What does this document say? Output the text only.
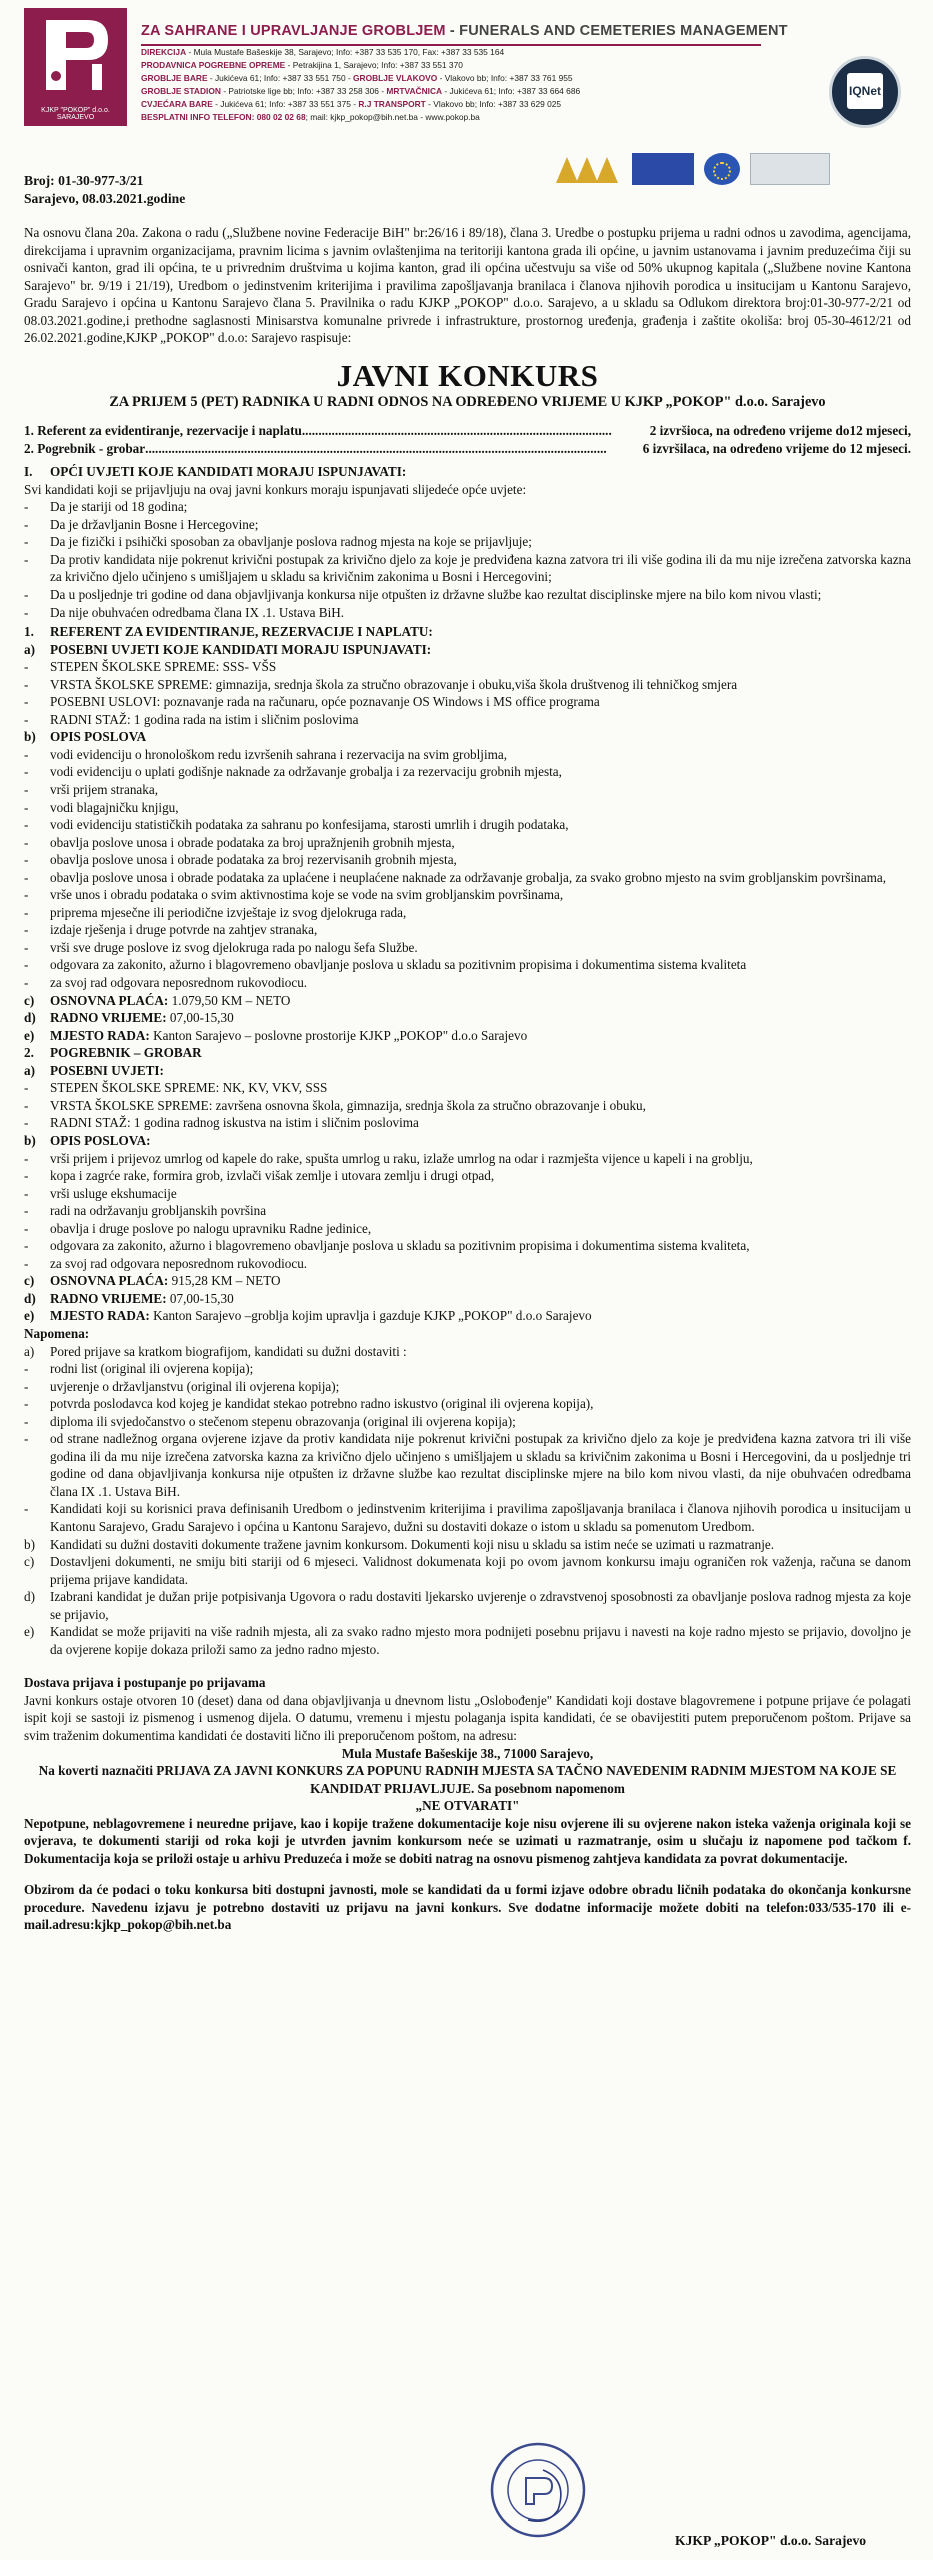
KJKP "POKOP" d.o.o. SARAJEVO
ZA SAHRANE I UPRAVLJANJE GROBLJEM - FUNERALS AND CEMETERIES MANAGEMENT
DIREKCIJA - Mula Mustafe Bašeskije 38, Sarajevo; Info: +387 33 535 170, Fax: +387 33 535 164
PRODAVNICA POGREBNE OPREME - Petrakijina 1, Sarajevo; Info: +387 33 551 370
GROBLJE BARE - Jukićeva 61; Info: +387 33 551 750 - GROBLJE VLAKOVO - Vlakovo bb; Info: +387 33 761 955
GROBLJE STADION - Patriotske lige bb; Info: +387 33 258 306 - MRTVAČNICA - Jukićeva 61; Info: +387 33 664 686
CVJEĆARA BARE - Jukićeva 61; Info: +387 33 551 375 - R.J TRANSPORT - Vlakovo bb; Info: +387 33 629 025
BESPLATNI INFO TELEFON: 080 02 02 68; mail: kjkp_pokop@bih.net.ba - www.pokop.ba
IQNet
Broj: 01-30-977-3/21
Sarajevo, 08.03.2021.godine

Na osnovu člana 20a. Zakona o radu („Službene novine Federacije BiH" br:26/16 i 89/18), člana 3. Uredbe o postupku prijema u radni odnos u zavodima, agencijama, direkcijama i upravnim organizacijama, pravnim licima s javnim ovlaštenjima na teritoriji kantona grada ili općine, u javnim ustanovama i javnim preduzećima čiji su osnivači kanton, grad ili općina, te u privrednim društvima u kojima kanton, grad ili općina učestvuju sa više od 50% ukupnog kapitala („Službene novine Kantona Sarajevo" br. 9/19 i 21/19), Uredbom o jedinstvenim kriterijima i pravilima zapošljavanja branilaca i članova njihovih porodica u insitucijam u Kantonu Sarajevo, Gradu Sarajevo i općina u Kantonu Sarajevo člana 5. Pravilnika o radu KJKP „POKOP" d.o.o. Sarajevo, a u skladu sa Odlukom direktora broj:01-30-977-2/21 od 08.03.2021.godine,i prethodne saglasnosti Minisarstva komunalne privrede i infrastrukture, prostornog uređenja, građenja i zaštite okoliša: broj 05-30-4612/21 od 26.02.2021.godine,KJKP „POKOP" d.o.o: Sarajevo raspisuje:

JAVNI KONKURS
ZA PRIJEM 5 (PET) RADNIKA U RADNI ODNOS NA ODREĐENO VRIJEME U KJKP „POKOP" d.o.o. Sarajevo
1. Referent za evidentiranje, rezervacije i naplatu ..............................................................................................	2 izvršioca, na određeno vrijeme do12 mjeseci,
2. Pogrebnik - grobar ............................................................................................................................................	6 izvršilaca, na određeno vrijeme do 12 mjeseci.
I.	OPĆI UVJETI KOJE KANDIDATI MORAJU ISPUNJAVATI:
Svi kandidati koji se prijavljuju na ovaj javni konkurs moraju ispunjavati slijedeće opće uvjete:
-	Da je stariji od 18 godina;
-	Da je državljanin Bosne i Hercegovine;
-	Da je fizički i psihički sposoban za obavljanje poslova radnog mjesta na koje se prijavljuje;
-	Da protiv kandidata nije pokrenut krivični postupak za krivično djelo za koje je predviđena kazna zatvora tri ili više godina ili da mu nije izrečena zatvorska kazna za krivično djelo učinjeno s umišljajem u skladu sa krivičnim zakonima u Bosni i Hercegovini;
-	Da u posljednje tri godine od dana objavljivanja konkursa nije otpušten iz državne službe kao rezultat disciplinske mjere na bilo kom nivou vlasti;
-	Da nije obuhvaćen odredbama člana IX .1. Ustava BiH.
1.	REFERENT ZA EVIDENTIRANJE, REZERVACIJE I NAPLATU:
a)	POSEBNI UVJETI KOJE KANDIDATI MORAJU ISPUNJAVATI:
-	STEPEN ŠKOLSKE SPREME: SSS- VŠS
-	VRSTA ŠKOLSKE SPREME: gimnazija, srednja škola za stručno obrazovanje i obuku,viša škola društvenog ili tehničkog smjera
-	POSEBNI USLOVI: poznavanje rada na računaru, opće poznavanje OS Windows i MS office programa
-	RADNI STAŽ: 1 godina rada na istim i sličnim poslovima
b)	OPIS POSLOVA
-	vodi evidenciju o hronološkom redu izvršenih sahrana i rezervacija na svim grobljima,
-	vodi evidenciju o uplati godišnje naknade za održavanje grobalja i za rezervaciju grobnih mjesta,
-	vrši prijem stranaka,
-	vodi blagajničku knjigu,
-	vodi evidenciju statističkih podataka za sahranu po konfesijama, starosti umrlih i drugih podataka,
-	obavlja poslove unosa i obrade podataka za broj upražnjenih grobnih mjesta,
-	obavlja poslove unosa i obrade podataka za broj rezervisanih grobnih mjesta,
-	obavlja poslove unosa i obrade podataka za uplaćene i neuplaćene naknade za održavanje grobalja, za svako grobno mjesto na svim grobljanskim površinama,
-	vrše unos i obradu podataka o svim aktivnostima koje se vode na svim grobljanskim površinama,
-	priprema mjesečne ili periodične izvještaje iz svog djelokruga rada,
-	izdaje rješenja i druge potvrde na zahtjev stranaka,
-	vrši sve druge poslove iz svog djelokruga rada po nalogu šefa Službe.
-	odgovara za zakonito, ažurno i blagovremeno obavljanje poslova u skladu sa pozitivnim propisima i dokumentima sistema kvaliteta
-	za svoj rad odgovara neposrednom rukovodiocu.
c)	OSNOVNA PLAĆA: 1.079,50 KM – NETO
d)	RADNO VRIJEME: 07,00-15,30
e)	MJESTO RADA: Kanton Sarajevo – poslovne prostorije KJKP „POKOP" d.o.o Sarajevo
2.	POGREBNIK – GROBAR
a)	POSEBNI UVJETI:
-	STEPEN ŠKOLSKE SPREME: NK, KV, VKV, SSS
-	VRSTA ŠKOLSKE SPREME: završena osnovna škola, gimnazija, srednja škola za stručno obrazovanje i obuku,
-	RADNI STAŽ: 1 godina radnog iskustva na istim i sličnim poslovima
b)	OPIS POSLOVA:
-	vrši prijem i prijevoz umrlog od kapele do rake, spušta umrlog u raku, izlaže umrlog na odar i razmješta vijence u kapeli i na groblju,
-	kopa i zagrće rake, formira grob, izvlači višak zemlje i utovara zemlju i drugi otpad,
-	vrši usluge ekshumacije
-	radi na održavanju grobljanskih površina
-	obavlja i druge poslove po nalogu upravniku Radne jedinice,
-	odgovara za zakonito, ažurno i blagovremeno obavljanje poslova u skladu sa pozitivnim propisima i dokumentima sistema kvaliteta,
-	za svoj rad odgovara neposrednom rukovodiocu.
c)	OSNOVNA PLAĆA: 915,28 KM – NETO
d)	RADNO VRIJEME: 07,00-15,30
e)	MJESTO RADA: Kanton Sarajevo –groblja kojim upravlja i gazduje KJKP „POKOP" d.o.o Sarajevo
Napomena:
a)	Pored prijave sa kratkom biografijom, kandidati su dužni dostaviti :
-	rodni list (original ili ovjerena kopija);
-	uvjerenje o državljanstvu (original ili ovjerena kopija);
-	potvrda poslodavca kod kojeg je kandidat stekao potrebno radno iskustvo (original ili ovjerena kopija),
-	diploma ili svjedočanstvo o stečenom stepenu obrazovanja (original ili ovjerena kopija);
-	od strane nadležnog organa ovjerene izjave da protiv kandidata nije pokrenut krivični postupak za krivično djelo za koje je predviđena kazna zatvora tri ili više godina ili da mu nije izrečena zatvorska kazna za krivično djelo učinjeno s umišljajem u skladu sa krivičnim zakonima u Bosni i Hercegovini, da u posljednje tri godine od dana objavljivanja konkursa nije otpušten iz državne službe kao rezultat disciplinske mjere na bilo kom nivou vlasti, da nije obuhvaćen odredbama člana IX .1. Ustava BiH.
-	Kandidati koji su korisnici prava definisanih Uredbom o jedinstvenim kriterijima i pravilima zapošljavanja branilaca i članova njihovih porodica u insitucijam u Kantonu Sarajevo, Gradu Sarajevo i općina u Kantonu Sarajevo, dužni su dostaviti dokaze o istom u skladu sa pomenutom Uredbom.
b)	Kandidati su dužni dostaviti dokumente tražene javnim konkursom. Dokumenti koji nisu u skladu sa istim neće se uzimati u razmatranje.
c)	Dostavljeni dokumenti, ne smiju biti stariji od 6 mjeseci. Validnost dokumenata koji po ovom javnom konkursu imaju ograničen rok važenja, računa se danom prijema prijave kandidata.
d)	Izabrani kandidat je dužan prije potpisivanja Ugovora o radu dostaviti ljekarsko uvjerenje o zdravstvenoj sposobnosti za obavljanje poslova radnog mjesta za koje se prijavio,
e)	Kandidat se može prijaviti na više radnih mjesta, ali za svako radno mjesto mora podnijeti posebnu prijavu i navesti na koje radno mjesto se prijavio, dovoljno je da ovjerene kopije dokaza priloži samo za jedno radno mjesto.
Dostava prijava i postupanje po prijavama

Javni konkurs ostaje otvoren 10 (deset) dana od dana objavljivanja u dnevnom listu „Oslobođenje" Kandidati koji dostave blagovremene i potpune prijave će polagati ispit koji se sastoji iz pismenog i usmenog dijela. O datumu, vremenu i mjestu polaganja ispita kandidati, će se obavijestiti putem preporučenom poštom. Prijave sa svim traženim dokumentima kandidati će dostaviti lično ili preporučenom poštom, na adresu:

Mula Mustafe Bašeskije 38., 71000 Sarajevo,
Na koverti naznačiti PRIJAVA ZA JAVNI KONKURS ZA POPUNU RADNIH MJESTA SA TAČNO NAVEDENIM RADNIM MJESTOM NA KOJE SE KANDIDAT PRIJAVLJUJE. Sa posebnom napomenom
„NE OTVARATI"

Nepotpune, neblagovremene i neuredne prijave, kao i kopije tražene dokumentacije koje nisu ovjerene ili su ovjerene nakon isteka važenja originala koji se ovjerava, te dokumenti stariji od roka koji je utvrđen javnim konkursom neće se uzimati u razmatranje, osim u slučaju iz napomene pod tačkom f. Dokumentacija koja se priloži ostaje u arhivu Preduzeća i može se dobiti natrag na osnovu pismenog zahtjeva kandidata za povrat dokumentacije.

Obzirom da će podaci o toku konkursa biti dostupni javnosti, mole se kandidati da u formi izjave odobre obradu ličnih podataka do okončanja konkursne procedure. Navedenu izjavu je potrebno dostaviti uz prijavu na javni konkurs. Sve dodatne informacije možete dobiti na telefon:033/535-170 ili e-mail.adresu:kjkp_pokop@bih.net.ba

KJKP „POKOP" d.o.o. Sarajevo
